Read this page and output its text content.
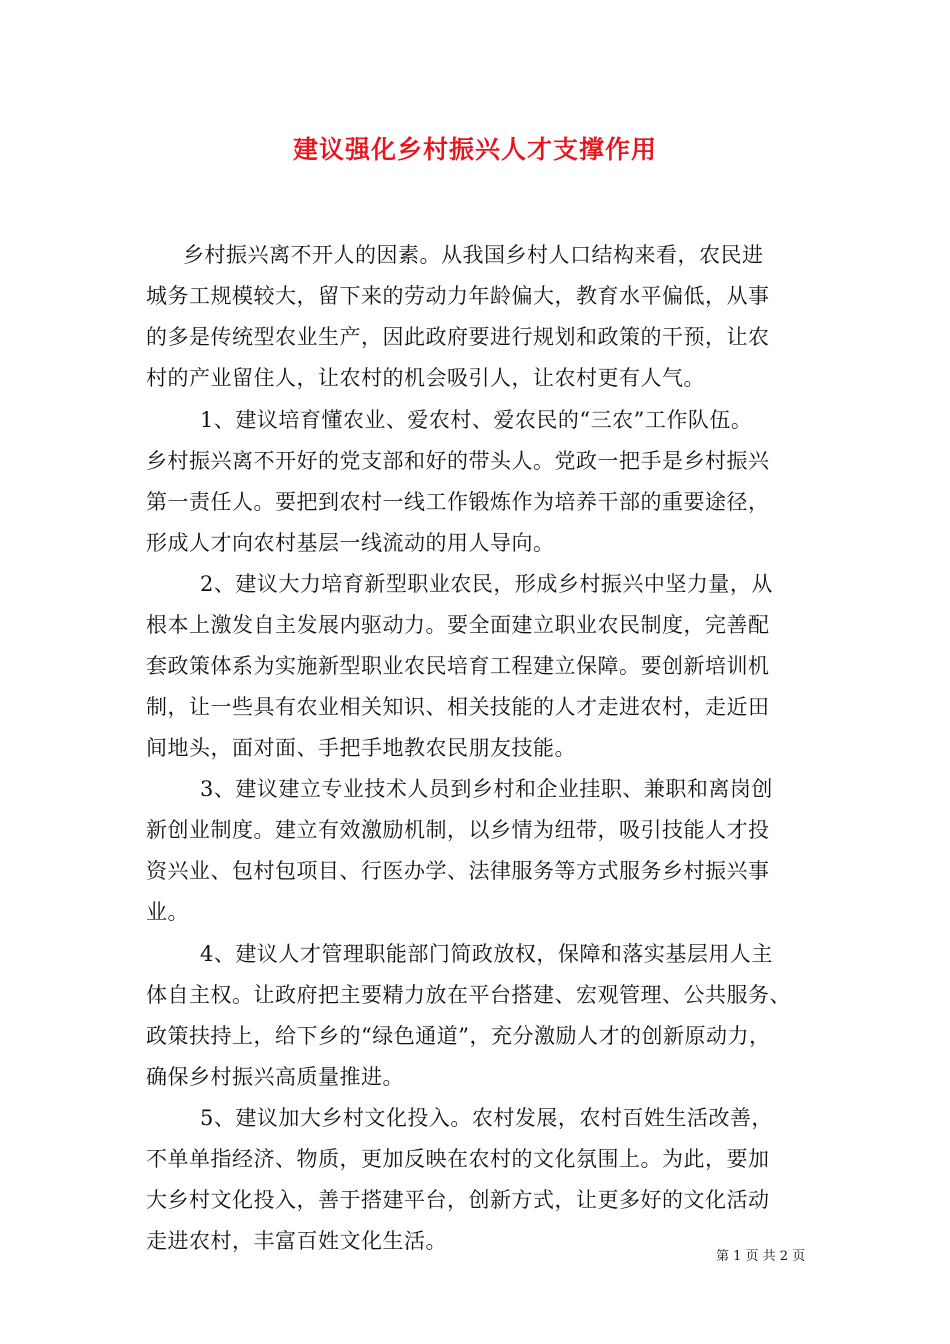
建议强化乡村振兴人才支撑作用
乡村振兴离不开人的因素。从我国乡村人口结构来看，农民进
城务工规模较大，留下来的劳动力年龄偏大，教育水平偏低，从事
的多是传统型农业生产，因此政府要进行规划和政策的干预，让农
村的产业留住人，让农村的机会吸引人，让农村更有人气。
1、建议培育懂农业、爱农村、爱农民的“三农”工作队伍。
乡村振兴离不开好的党支部和好的带头人。党政一把手是乡村振兴
第一责任人。要把到农村一线工作锻炼作为培养干部的重要途径，
形成人才向农村基层一线流动的用人导向。
2、建议大力培育新型职业农民，形成乡村振兴中坚力量，从
根本上激发自主发展内驱动力。要全面建立职业农民制度，完善配
套政策体系为实施新型职业农民培育工程建立保障。要创新培训机
制，让一些具有农业相关知识、相关技能的人才走进农村，走近田
间地头，面对面、手把手地教农民朋友技能。
3、建议建立专业技术人员到乡村和企业挂职、兼职和离岗创
新创业制度。建立有效激励机制，以乡情为纽带，吸引技能人才投
资兴业、包村包项目、行医办学、法律服务等方式服务乡村振兴事
业。
4、建议人才管理职能部门简政放权，保障和落实基层用人主
体自主权。让政府把主要精力放在平台搭建、宏观管理、公共服务、
政策扶持上，给下乡的“绿色通道”，充分激励人才的创新原动力，
确保乡村振兴高质量推进。
5、建议加大乡村文化投入。农村发展，农村百姓生活改善，
不单单指经济、物质，更加反映在农村的文化氛围上。为此，要加
大乡村文化投入，善于搭建平台，创新方式，让更多好的文化活动
走进农村，丰富百姓文化生活。
第 1 页 共 2 页
